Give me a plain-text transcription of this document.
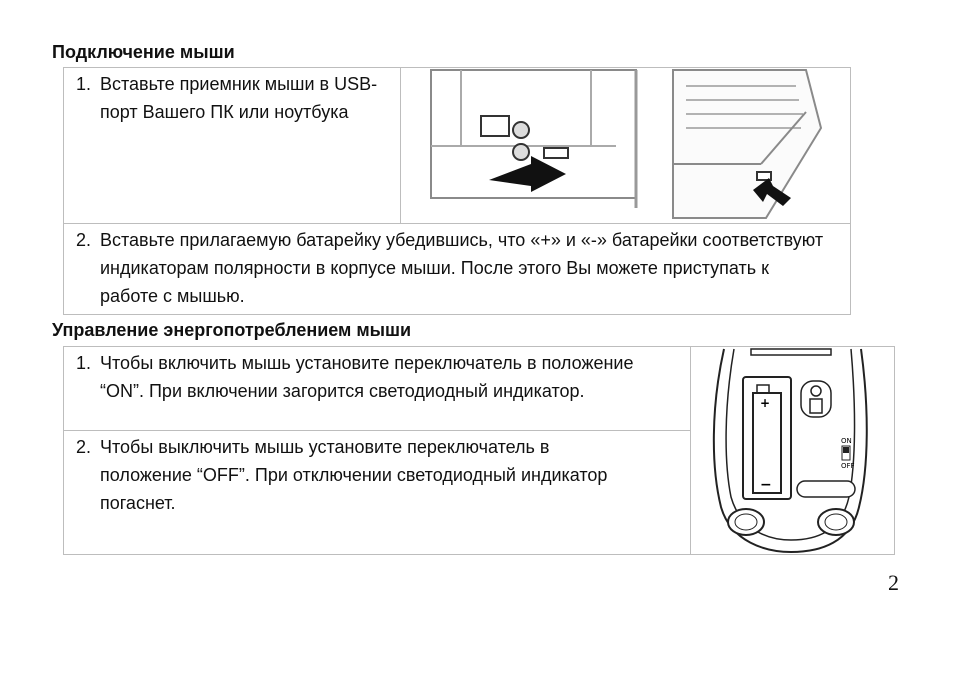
Подключение мыши
1. Вставьте приемник мыши в USB-порт Вашего ПК или ноутбука

2. Вставьте прилагаемую батарейку убедившись, что «+» и «-» батарейки соответствуют индикаторам полярности в корпусе мыши. После этого Вы можете приступать к работе с мышью.
Управление энергопотреблением мыши
1. Чтобы включить мышь установите переключатель в положение “ON”. При включении загорится светодиодный индикатор.

+
−
ON
OFF

2. Чтобы выключить мышь установите переключатель в положение “OFF”. При отключении светодиодный индикатор погаснет.
2
